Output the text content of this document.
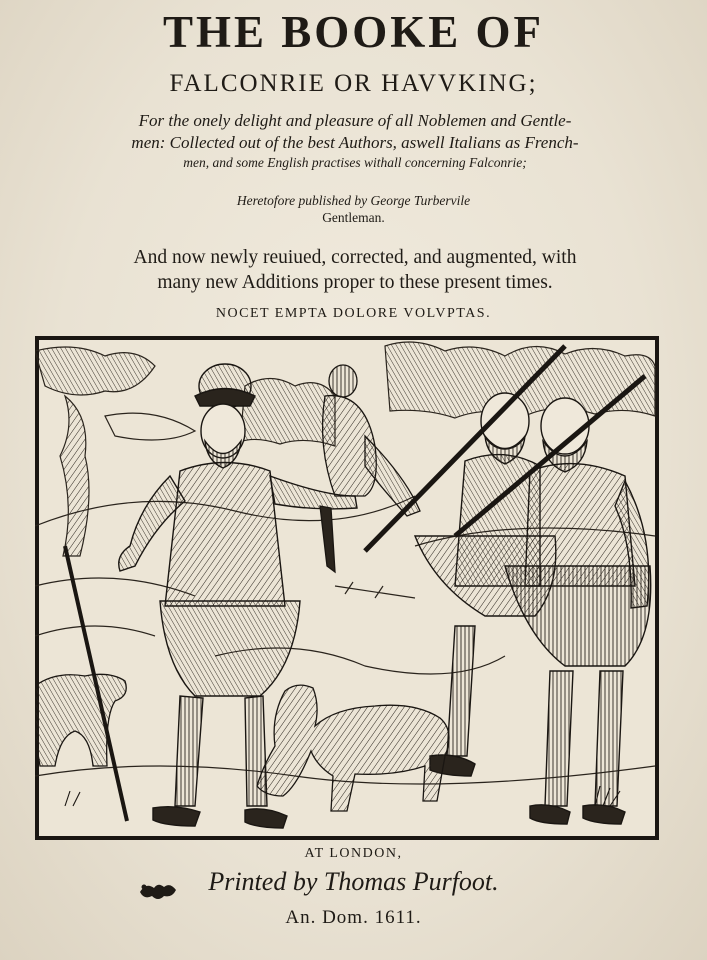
THE BOOKE OF
FALCONRIE OR HAVVKING;
For the onely delight and pleasure of all Noblemen and Gentle-
men: Collected out of the best Authors, aswell Italians as French-
men, and some English practises withall concerning Falconrie;
Heretofore published by George Turbervile
Gentleman.
And now newly reuiued, corrected, and augmented, with
many new Additions proper to these present times.
NOCET EMPTA DOLORE VOLVPTAS.
AT LONDON,
Printed by Thomas Purfoot.
An. Dom. 1611.
